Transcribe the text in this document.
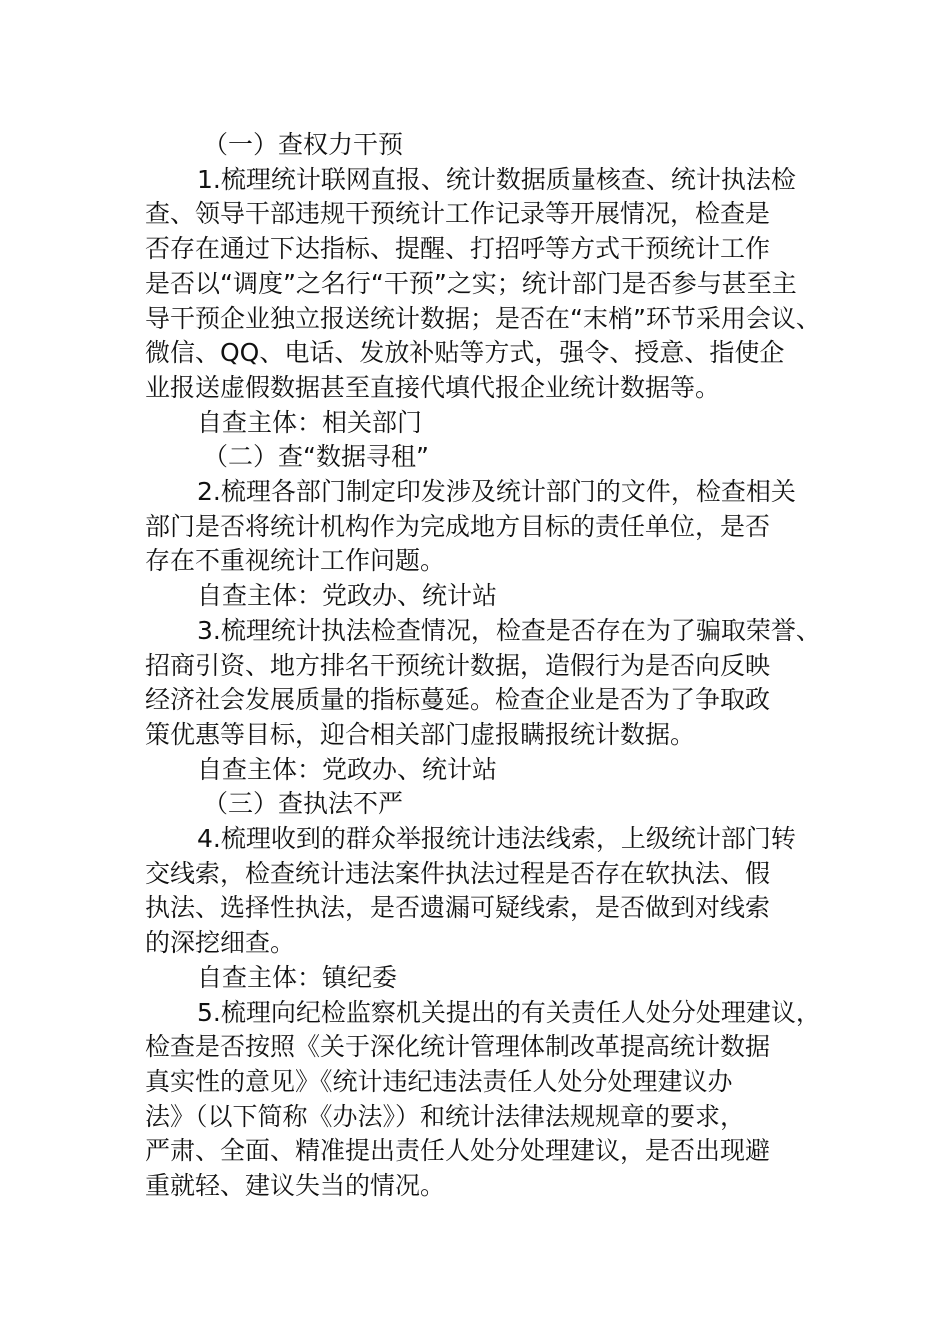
（一）查权力干预

1.梳理统计联网直报、统计数据质量核查、统计执法检

查、领导干部违规干预统计工作记录等开展情况，检查是

否存在通过下达指标、提醒、打招呼等方式干预统计工作

是否以“调度”之名行“干预”之实；统计部门是否参与甚至主

导干预企业独立报送统计数据；是否在“末梢”环节采用会议、

微信、QQ、电话、发放补贴等方式，强令、授意、指使企

业报送虚假数据甚至直接代填代报企业统计数据等。

自查主体：相关部门

（二）查“数据寻租”

2.梳理各部门制定印发涉及统计部门的文件，检查相关

部门是否将统计机构作为完成地方目标的责任单位，是否

存在不重视统计工作问题。

自查主体：党政办、统计站

3.梳理统计执法检查情况，检查是否存在为了骗取荣誉、

招商引资、地方排名干预统计数据，造假行为是否向反映

经济社会发展质量的指标蔓延。检查企业是否为了争取政

策优惠等目标，迎合相关部门虚报瞒报统计数据。

自查主体：党政办、统计站

（三）查执法不严

4.梳理收到的群众举报统计违法线索，上级统计部门转

交线索，检查统计违法案件执法过程是否存在软执法、假

执法、选择性执法，是否遗漏可疑线索，是否做到对线索

的深挖细查。

自查主体：镇纪委

5.梳理向纪检监察机关提出的有关责任人处分处理建议，

检查是否按照《关于深化统计管理体制改革提高统计数据

真实性的意见》《统计违纪违法责任人处分处理建议办

法》（以下简称《办法》）和统计法律法规规章的要求，

严肃、全面、精准提出责任人处分处理建议，是否出现避

重就轻、建议失当的情况。
